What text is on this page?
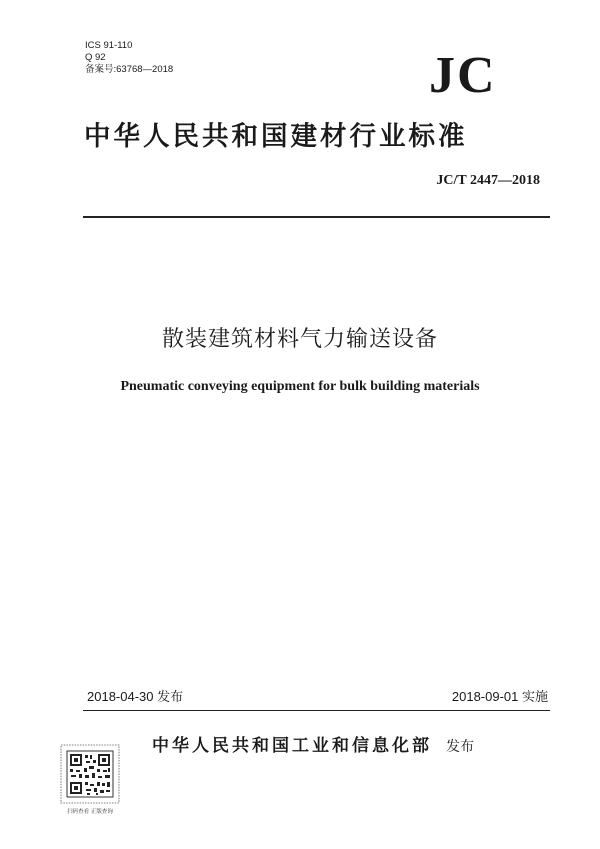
ICS 91-110
Q 92
备案号:63768—2018	JC
中华人民共和国建材行业标准
JC/T 2447—2018
散装建筑材料气力输送设备
Pneumatic conveying equipment for bulk building materials
2018-04-30 发布	2018-09-01 实施
中华人民共和国工业和信息化部 发布
扫码查看 正版查询
